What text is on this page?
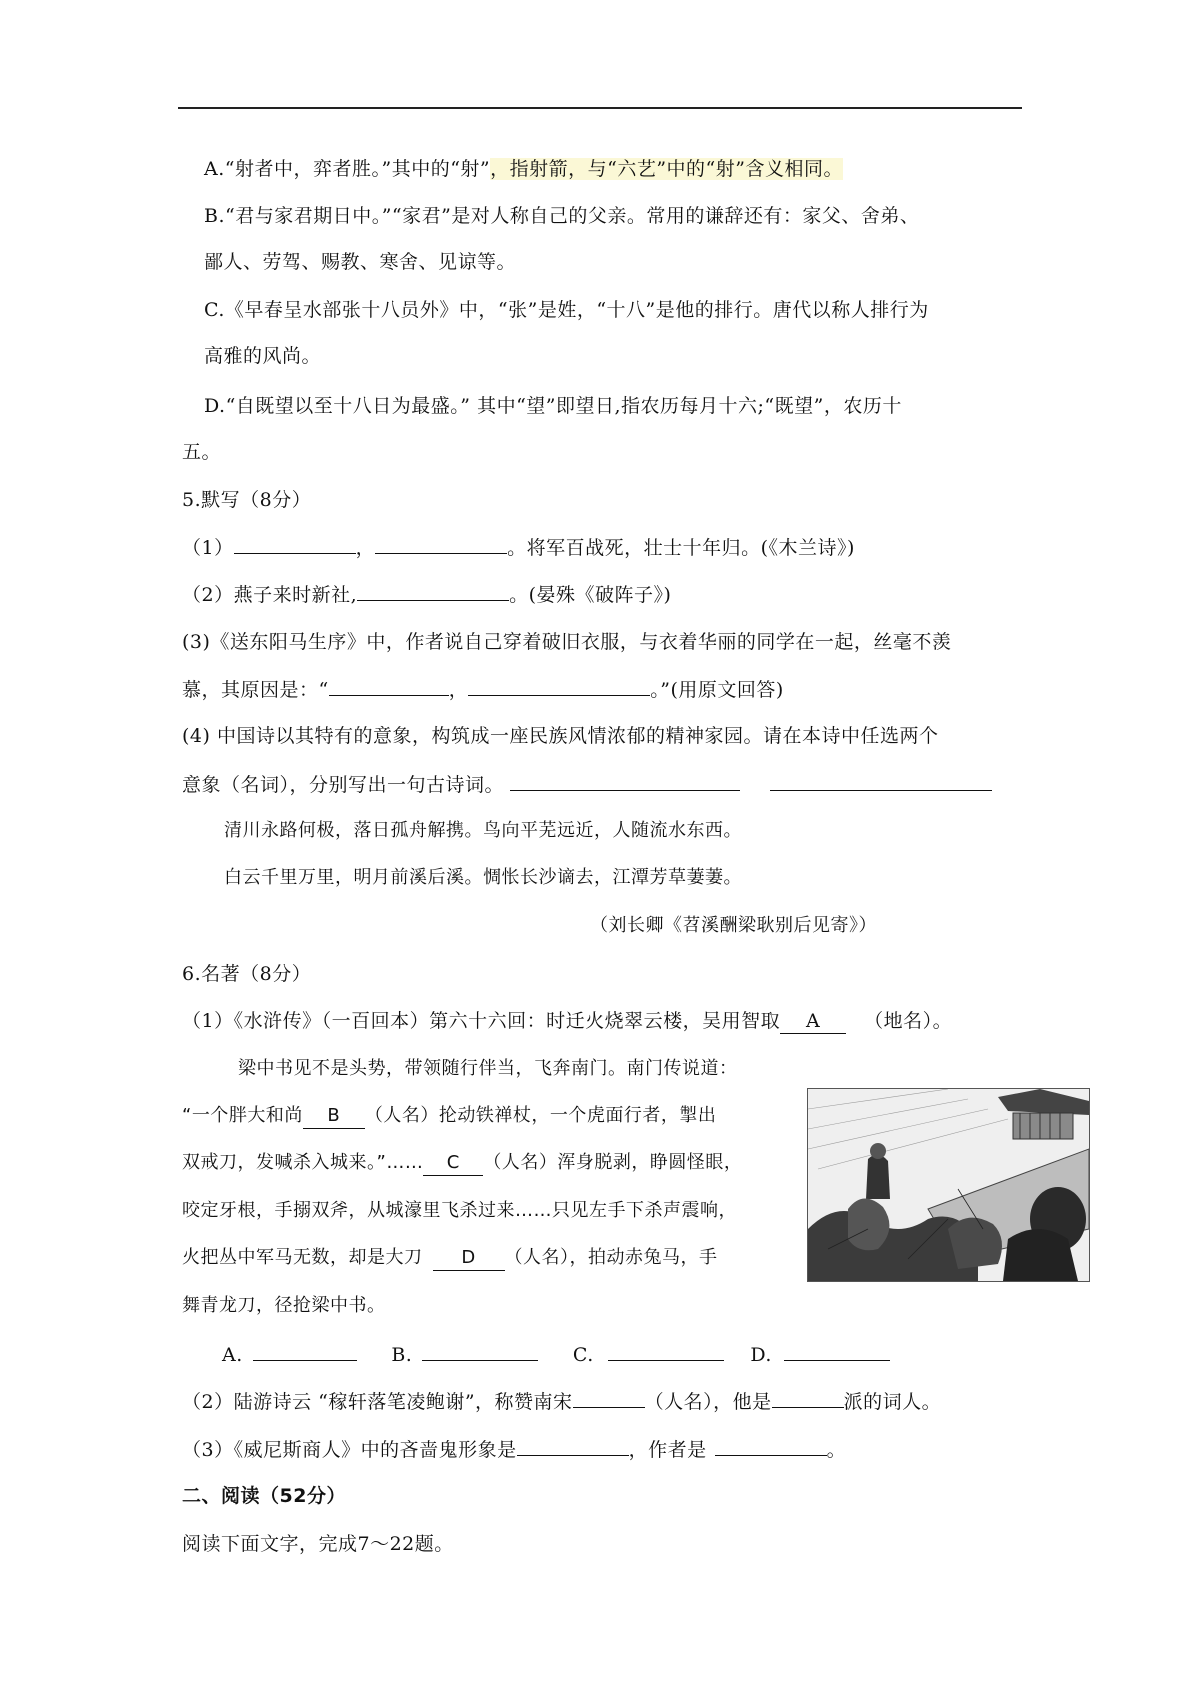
A.“射者中，弈者胜。”其中的“射”，指射箭，与“六艺”中的“射”含义相同。
B.“君与家君期日中。”“家君”是对人称自己的父亲。常用的谦辞还有：家父、舍弟、
鄙人、劳驾、赐教、寒舍、见谅等。
C.《早春呈水部张十八员外》中，“张”是姓，“十八”是他的排行。唐代以称人排行为
高雅的风尚。
D.“自既望以至十八日为最盛。” 其中“望”即望日,指农历每月十六;“既望”，农历十
五。
5.默写（8分）
（1）	，	。将军百战死，壮士十年归。(《木兰诗》)
（2）燕子来时新社,	。(晏殊《破阵子》)
(3)《送东阳马生序》中，作者说自己穿着破旧衣服，与衣着华丽的同学在一起，丝毫不羡
慕，其原因是：“	，	。”(用原文回答)
(4) 中国诗以其特有的意象，构筑成一座民族风情浓郁的精神家园。请在本诗中任选两个
意象（名词），分别写出一句古诗词。
清川永路何极，落日孤舟解携。鸟向平芜远近，人随流水东西。
白云千里万里，明月前溪后溪。惆怅长沙谪去，江潭芳草萋萋。
（刘长卿《苕溪酬梁耿别后见寄》）
6.名著（8分）
（1）《水浒传》（一百回本）第六十六回：时迁火烧翠云楼，吴用智取 A （地名）。
梁中书见不是头势，带领随行伴当，飞奔南门。南门传说道：
“一个胖大和尚 B （人名）抡动铁禅杖，一个虎面行者，掣出
双戒刀，发喊杀入城来。”…… C （人名）浑身脱剥，睁圆怪眼，
咬定牙根，手搦双斧，从城濠里飞杀过来……只见左手下杀声震响，
火把丛中军马无数，却是大刀 D （人名），拍动赤兔马，手
舞青龙刀，径抢梁中书。
A.	B.	C.	D.
（2）陆游诗云 “稼轩落笔凌鲍谢”，称赞南宋	（人名），他是	派的词人。
（3）《威尼斯商人》中的吝啬鬼形象是	，作者是	。
二、阅读（52分）
阅读下面文字，完成7～22题。
